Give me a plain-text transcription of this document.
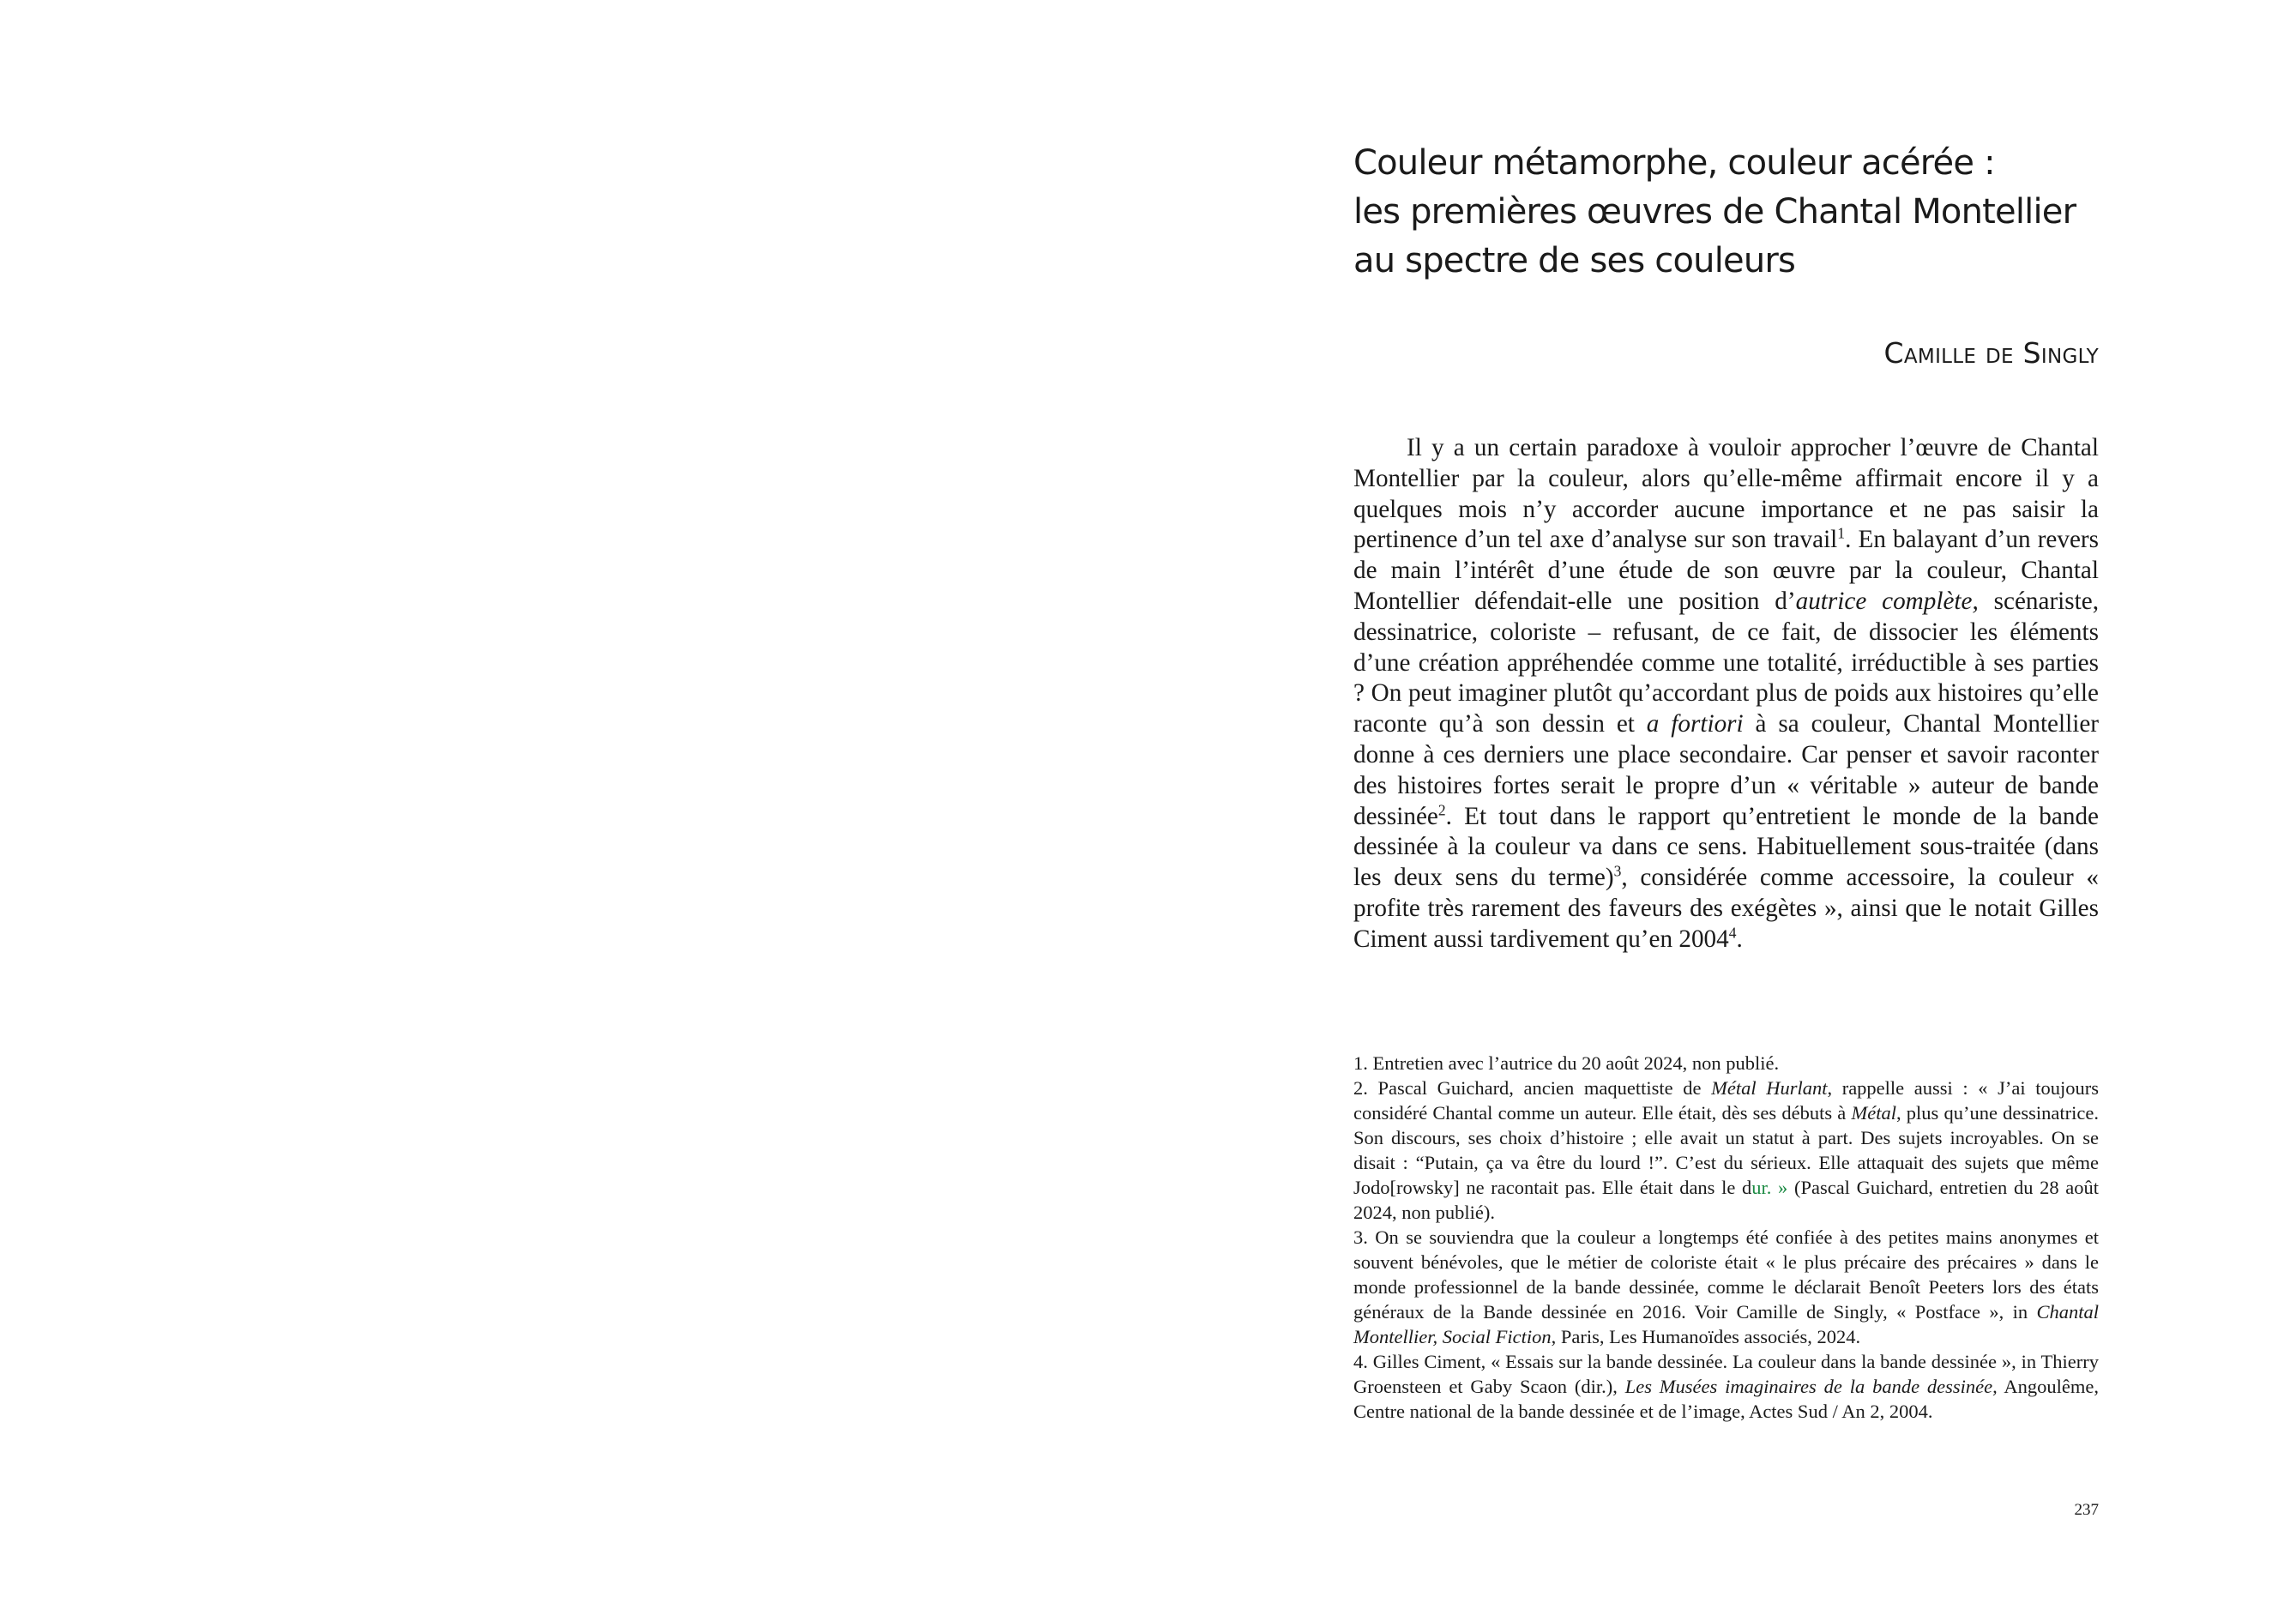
Couleur métamorphe, couleur acérée :
les premières œuvres de Chantal Montellier
au spectre de ses couleurs
Camille de Singly

Il y a un certain paradoxe à vouloir approcher l’œuvre de Chantal Montellier par la couleur, alors qu’elle-même affirmait encore il y a quelques mois n’y accorder aucune importance et ne pas saisir la pertinence d’un tel axe d’analyse sur son travail$^1$. En balayant d’un revers de main l’intérêt d’une étude de son œuvre par la couleur, Chantal Montellier défendait-elle une position d’autrice complète, scénariste, dessinatrice, coloriste – refusant, de ce fait, de dissocier les éléments d’une création appréhendée comme une totalité, irréductible à ses parties ? On peut imaginer plutôt qu’accordant plus de poids aux histoires qu’elle raconte qu’à son dessin et a fortiori à sa couleur, Chantal Montellier donne à ces derniers une place secondaire. Car penser et savoir raconter des histoires fortes serait le propre d’un « véritable » auteur de bande dessinée$^2$. Et tout dans le rapport qu’entretient le monde de la bande dessinée à la couleur va dans ce sens. Habituellement sous-traitée (dans les deux sens du terme)$^3$, considérée comme accessoire, la couleur « profite très rarement des faveurs des exégètes », ainsi que le notait Gilles Ciment aussi tardivement qu’en 2004$^4$.

1. Entretien avec l’autrice du 20 août 2024, non publié.

2. Pascal Guichard, ancien maquettiste de Métal Hurlant, rappelle aussi : « J’ai toujours considéré Chantal comme un auteur. Elle était, dès ses débuts à Métal, plus qu’une dessinatrice. Son discours, ses choix d’histoire ; elle avait un statut à part. Des sujets incroyables. On se disait : “Putain, ça va être du lourd !”. C’est du sérieux. Elle attaquait des sujets que même Jodo[rowsky] ne racontait pas. Elle était dans le dur. » (Pascal Guichard, entretien du 28 août 2024, non publié).

3. On se souviendra que la couleur a longtemps été confiée à des petites mains anonymes et souvent bénévoles, que le métier de coloriste était « le plus précaire des précaires » dans le monde professionnel de la bande dessinée, comme le déclarait Benoît Peeters lors des états généraux de la Bande dessinée en 2016. Voir Camille de Singly, « Postface », in Chantal Montellier, Social Fiction, Paris, Les Humanoïdes associés, 2024.

4. Gilles Ciment, « Essais sur la bande dessinée. La couleur dans la bande dessinée », in Thierry Groensteen et Gaby Scaon (dir.), Les Musées imaginaires de la bande dessinée, Angoulême, Centre national de la bande dessinée et de l’image, Actes Sud / An 2, 2004.

237
